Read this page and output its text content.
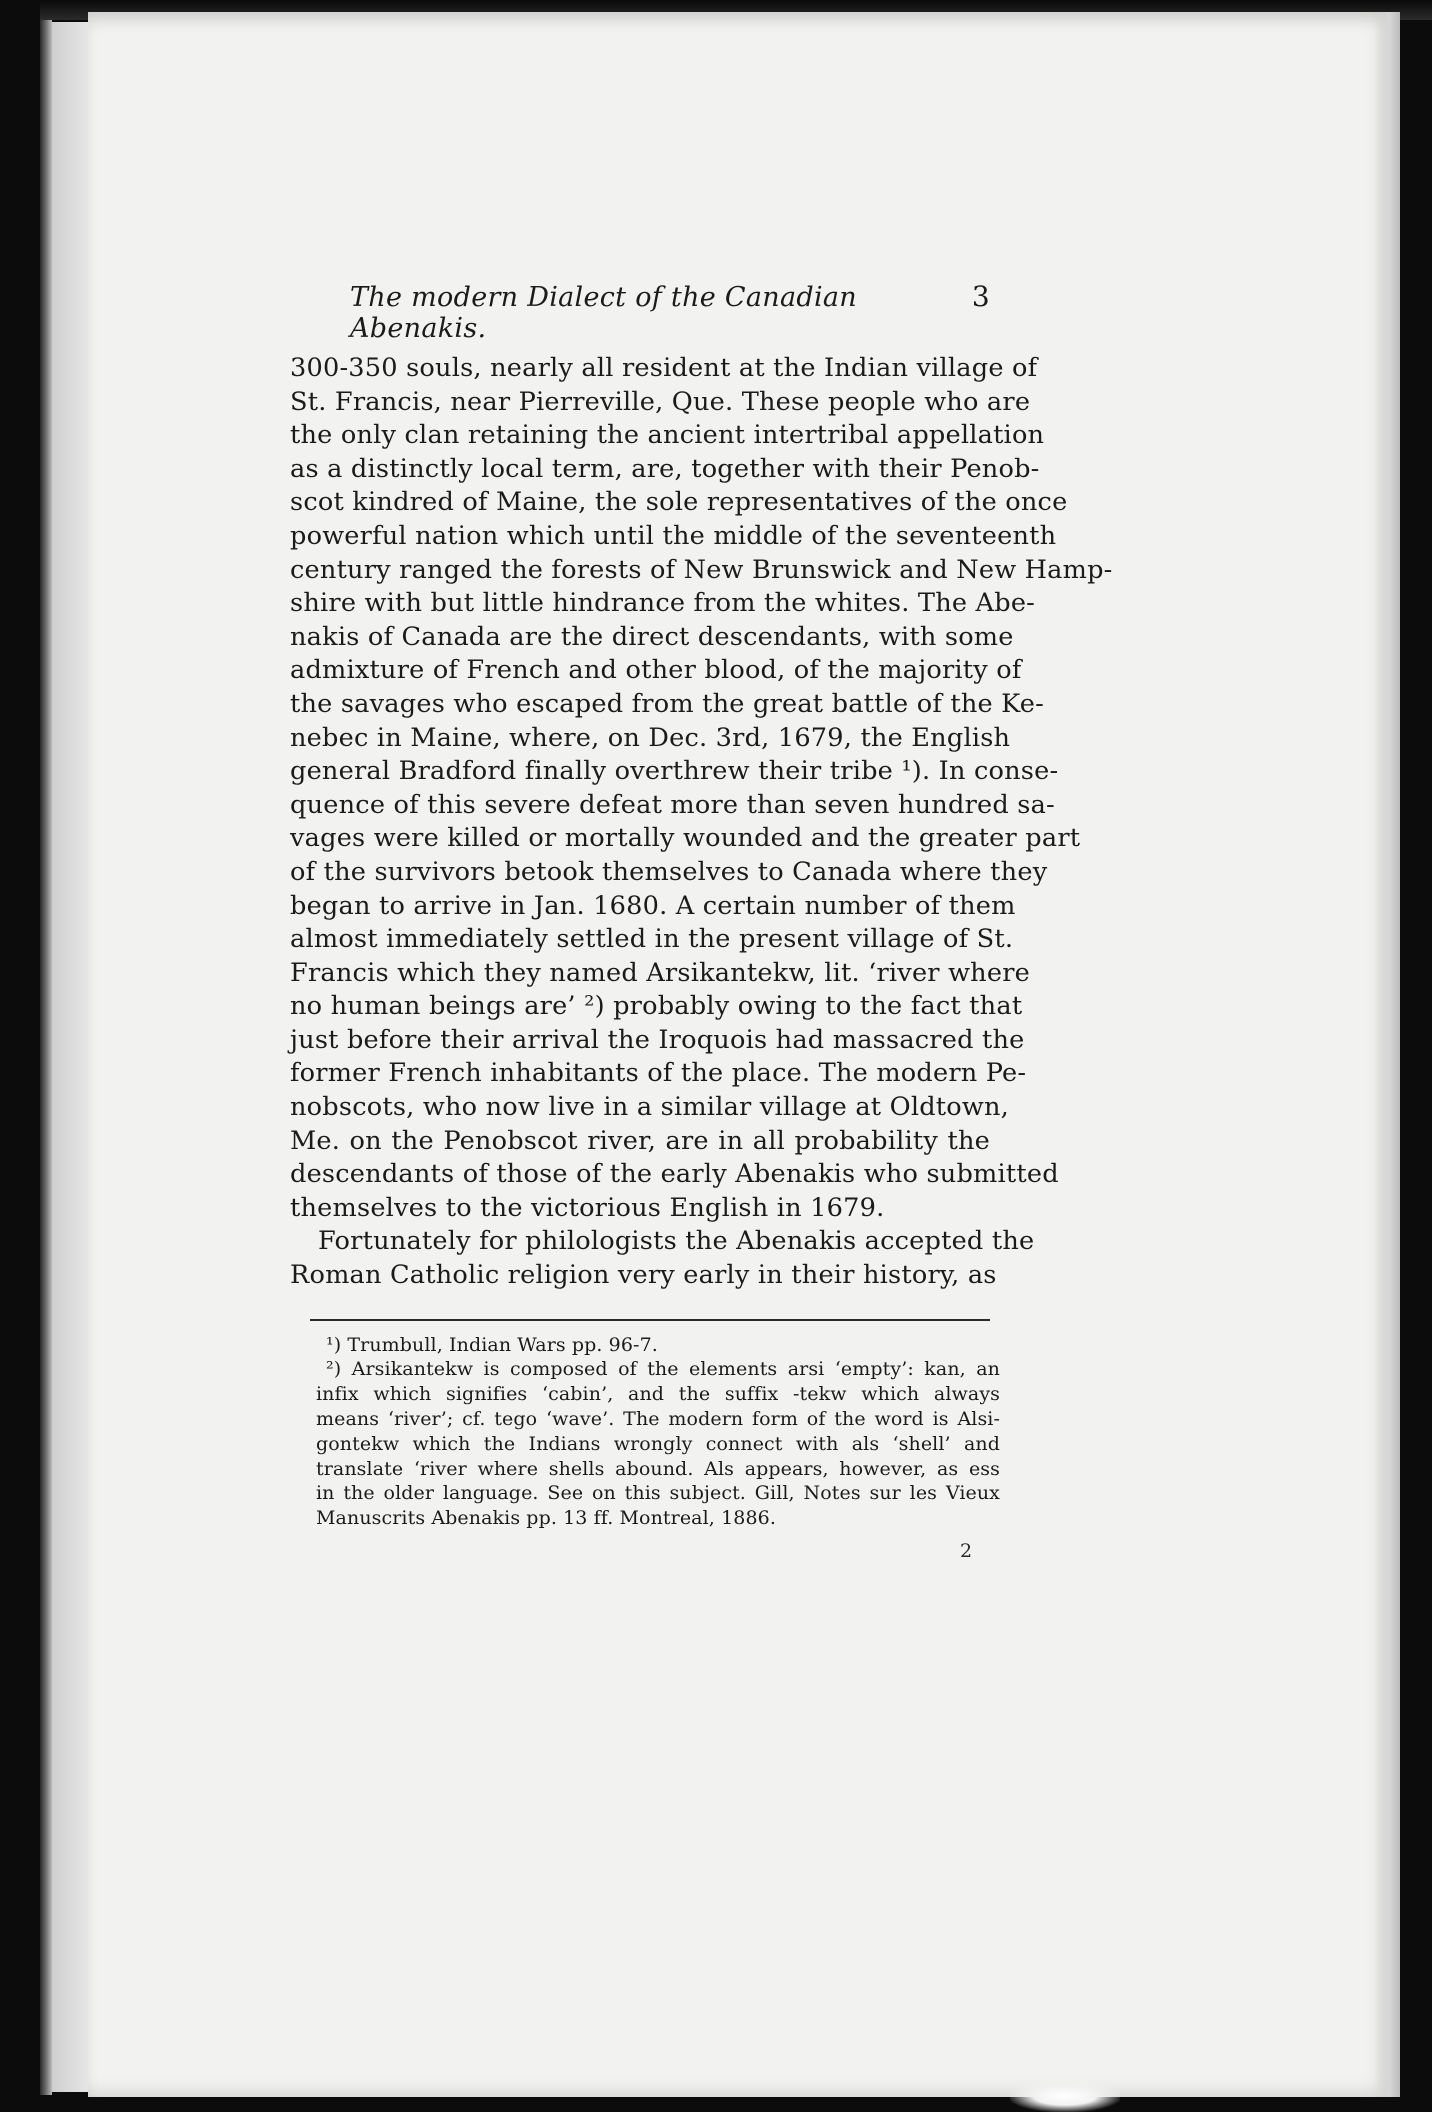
The modern Dialect of the Canadian Abenakis.
3

300-350 souls, nearly all resident at the Indian village of

St. Francis, near Pierreville, Que. These people who are

the only clan retaining the ancient intertribal appellation

as a distinctly local term, are, together with their Penob-

scot kindred of Maine, the sole representatives of the once

powerful nation which until the middle of the seventeenth

century ranged the forests of New Brunswick and New Hamp-

shire with but little hindrance from the whites. The Abe-

nakis of Canada are the direct descendants, with some

admixture of French and other blood, of the majority of

the savages who escaped from the great battle of the Ke-

nebec in Maine, where, on Dec. 3rd, 1679, the English

general Bradford finally overthrew their tribe ¹). In conse-

quence of this severe defeat more than seven hundred sa-

vages were killed or mortally wounded and the greater part

of the survivors betook themselves to Canada where they

began to arrive in Jan. 1680. A certain number of them

almost immediately settled in the present village of St.

Francis which they named Arsikantekw, lit. ‘river where

no human beings are’ ²) probably owing to the fact that

just before their arrival the Iroquois had massacred the

former French inhabitants of the place. The modern Pe-

nobscots, who now live in a similar village at Oldtown,

Me. on the Penobscot river, are in all probability the

descendants of those of the early Abenakis who submitted

themselves to the victorious English in 1679.

Fortunately for philologists the Abenakis accepted the

Roman Catholic religion very early in their history, as

¹) Trumbull, Indian Wars pp. 96-7.

²) Arsikantekw is composed of the elements arsi ‘empty’: kan, an

infix which signifies ‘cabin’, and the suffix -tekw which always

means ‘river’; cf. tego ‘wave’. The modern form of the word is Alsi-

gontekw which the Indians wrongly connect with als ‘shell’ and

translate ‘river where shells abound. Als appears, however, as ess

in the older language. See on this subject. Gill, Notes sur les Vieux

Manuscrits Abenakis pp. 13 ff. Montreal, 1886.

2
